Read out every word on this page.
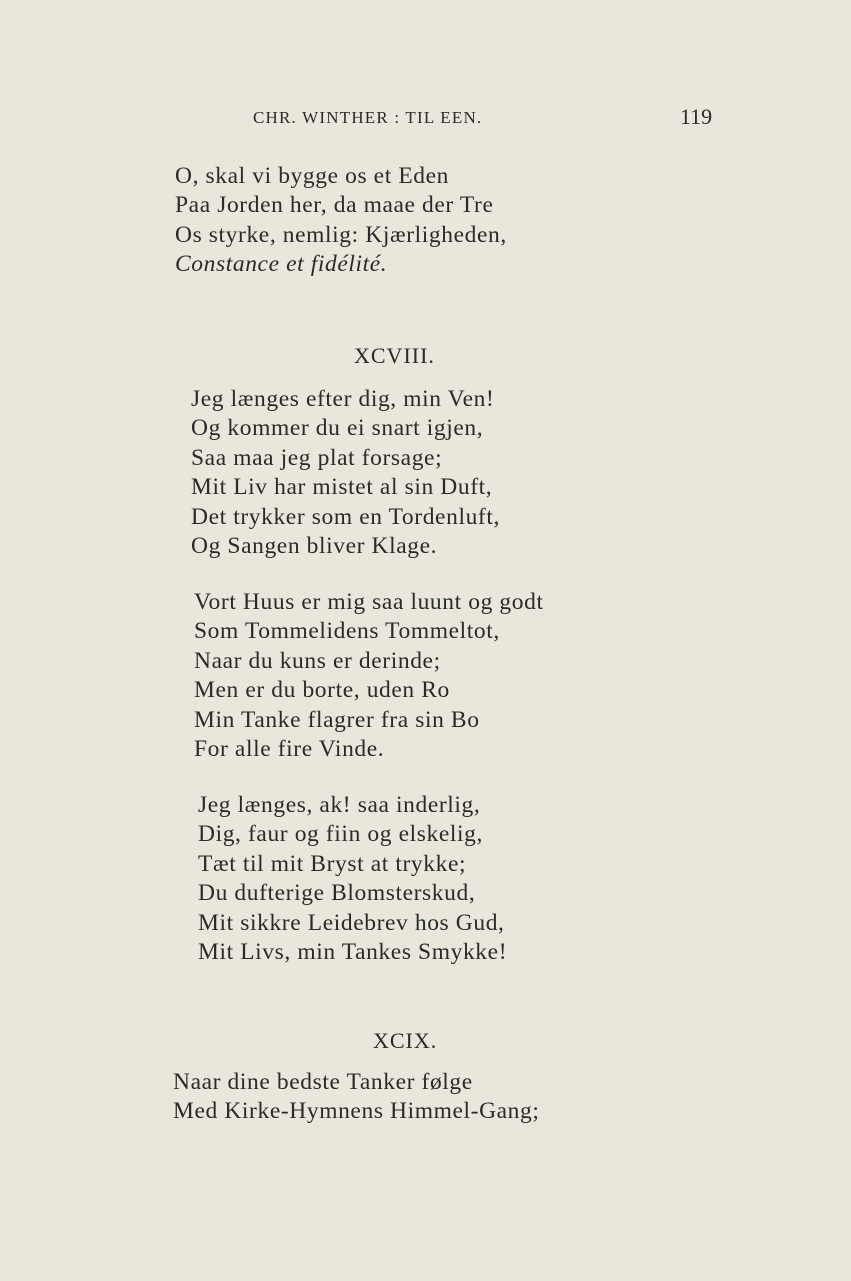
CHR. WINTHER : TIL EEN.	119
O, skal vi bygge os et Eden
Paa Jorden her, da maae der Tre
Os styrke, nemlig: Kjærligheden,
Constance et fidélité.
XCVIII.
Jeg længes efter dig, min Ven!
Og kommer du ei snart igjen,
Saa maa jeg plat forsage;
Mit Liv har mistet al sin Duft,
Det trykker som en Tordenluft,
Og Sangen bliver Klage.
Vort Huus er mig saa luunt og godt
Som Tommelidens Tommeltot,
Naar du kuns er derinde;
Men er du borte, uden Ro
Min Tanke flagrer fra sin Bo
For alle fire Vinde.
Jeg længes, ak! saa inderlig,
Dig, faur og fiin og elskelig,
Tæt til mit Bryst at trykke;
Du dufterige Blomsterskud,
Mit sikkre Leidebrev hos Gud,
Mit Livs, min Tankes Smykke!
XCIX.
Naar dine bedste Tanker følge
Med Kirke-Hymnens Himmel-Gang;
